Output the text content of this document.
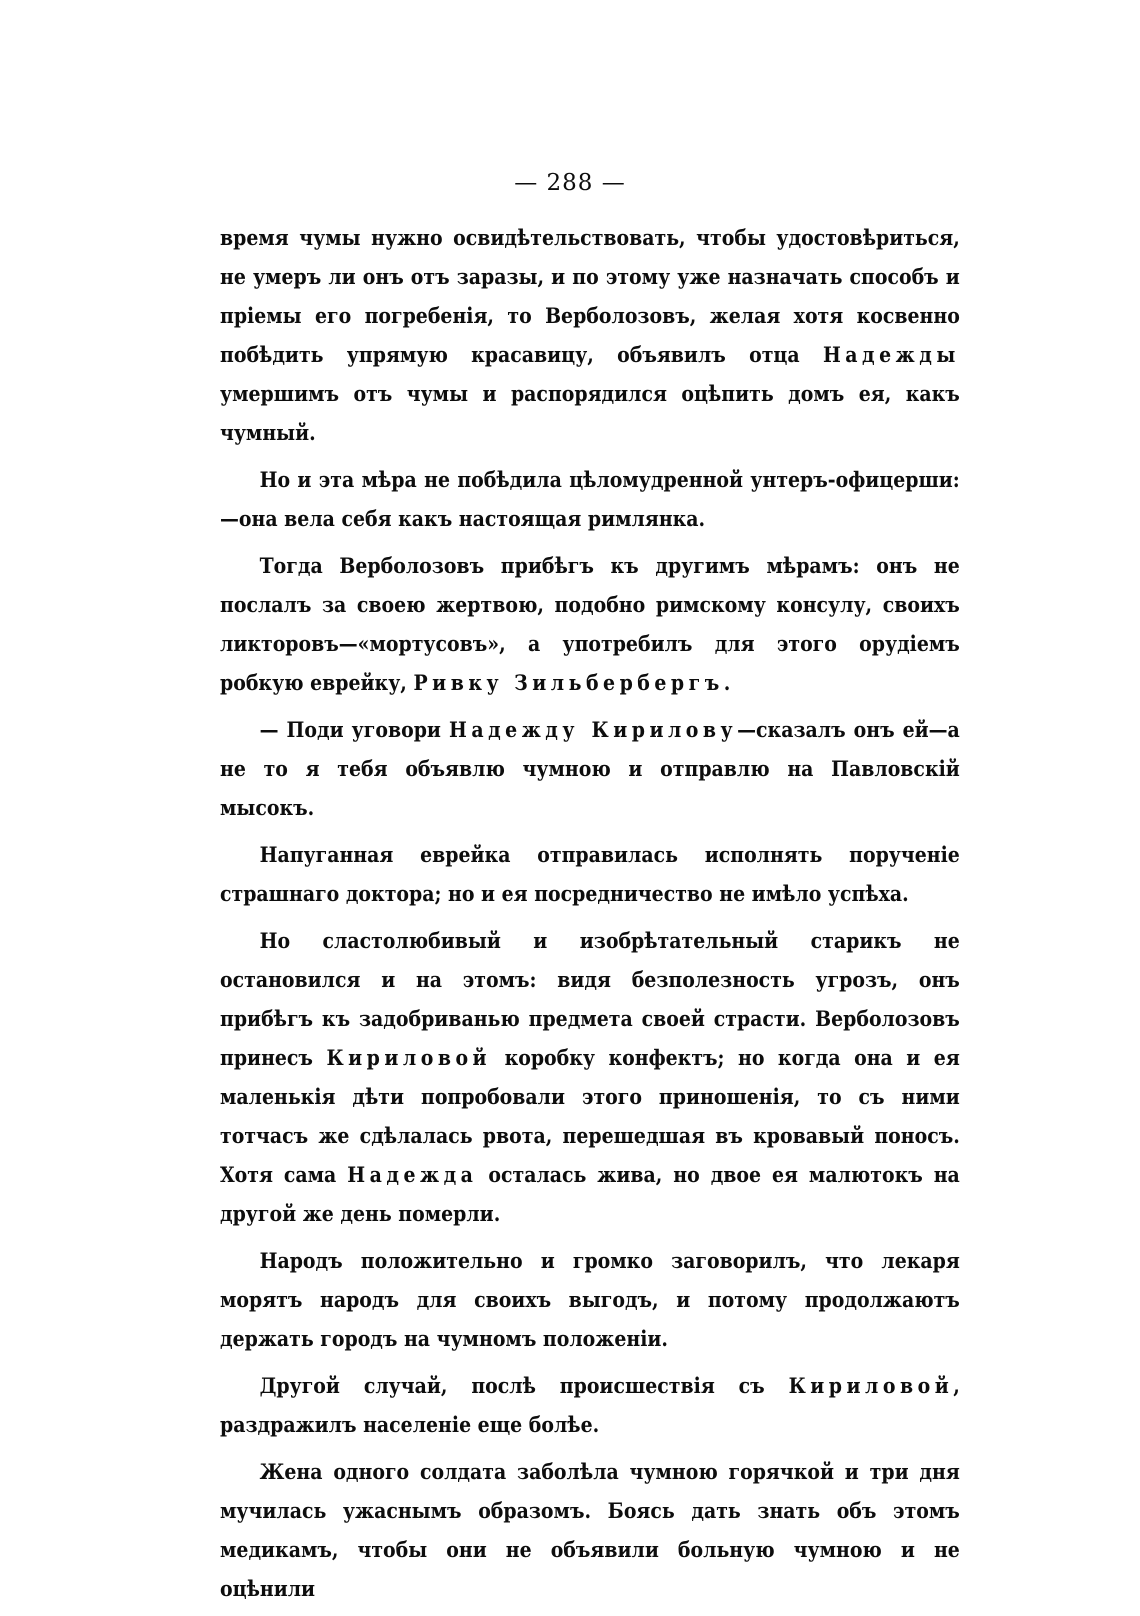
— 288 —

время чумы нужно освидѣтельствовать, чтобы удостовѣриться, не умеръ ли онъ отъ заразы, и по этому уже назначать способъ и пріемы его погребенія, то Верболозовъ, желая хотя косвенно побѣдить упрямую красавицу, объявилъ отца Надежды умершимъ отъ чумы и распорядился оцѣпить домъ ея, какъ чумный.

Но и эта мѣра не побѣдила цѣломудренной унтеръ-офицерши:—она вела себя какъ настоящая римлянка.

Тогда Верболозовъ прибѣгъ къ другимъ мѣрамъ: онъ не послалъ за своею жертвою, подобно римскому консулу, своихъ ликторовъ—«мортусовъ», а употребилъ для этого орудіемъ робкую еврейку, Ривку Зильбербергъ.

— Поди уговори Надежду Кирилову—сказалъ онъ ей—а не то я тебя объявлю чумною и отправлю на Павловскій мысокъ.

Напуганная еврейка отправилась исполнять порученіе страшнаго доктора; но и ея посредничество не имѣло успѣха.

Но сластолюбивый и изобрѣтательный старикъ не остановился и на этомъ: видя безполезность угрозъ, онъ прибѣгъ къ задобриванью предмета своей страсти. Верболозовъ принесъ Кириловой коробку конфектъ; но когда она и ея маленькія дѣти попробовали этого приношенія, то съ ними тотчасъ же сдѣлалась рвота, перешедшая въ кровавый поносъ. Хотя сама Надежда осталась жива, но двое ея малютокъ на другой же день померли.

Народъ положительно и громко заговорилъ, что лекаря морятъ народъ для своихъ выгодъ, и потому продолжаютъ держать городъ на чумномъ положеніи.

Другой случай, послѣ происшествія съ Кириловой, раздражилъ населеніе еще болѣе.

Жена одного солдата заболѣла чумною горячкой и три дня мучилась ужаснымъ образомъ. Боясь дать знать объ этомъ медикамъ, чтобы они не объявили больную чумною и не оцѣнили
